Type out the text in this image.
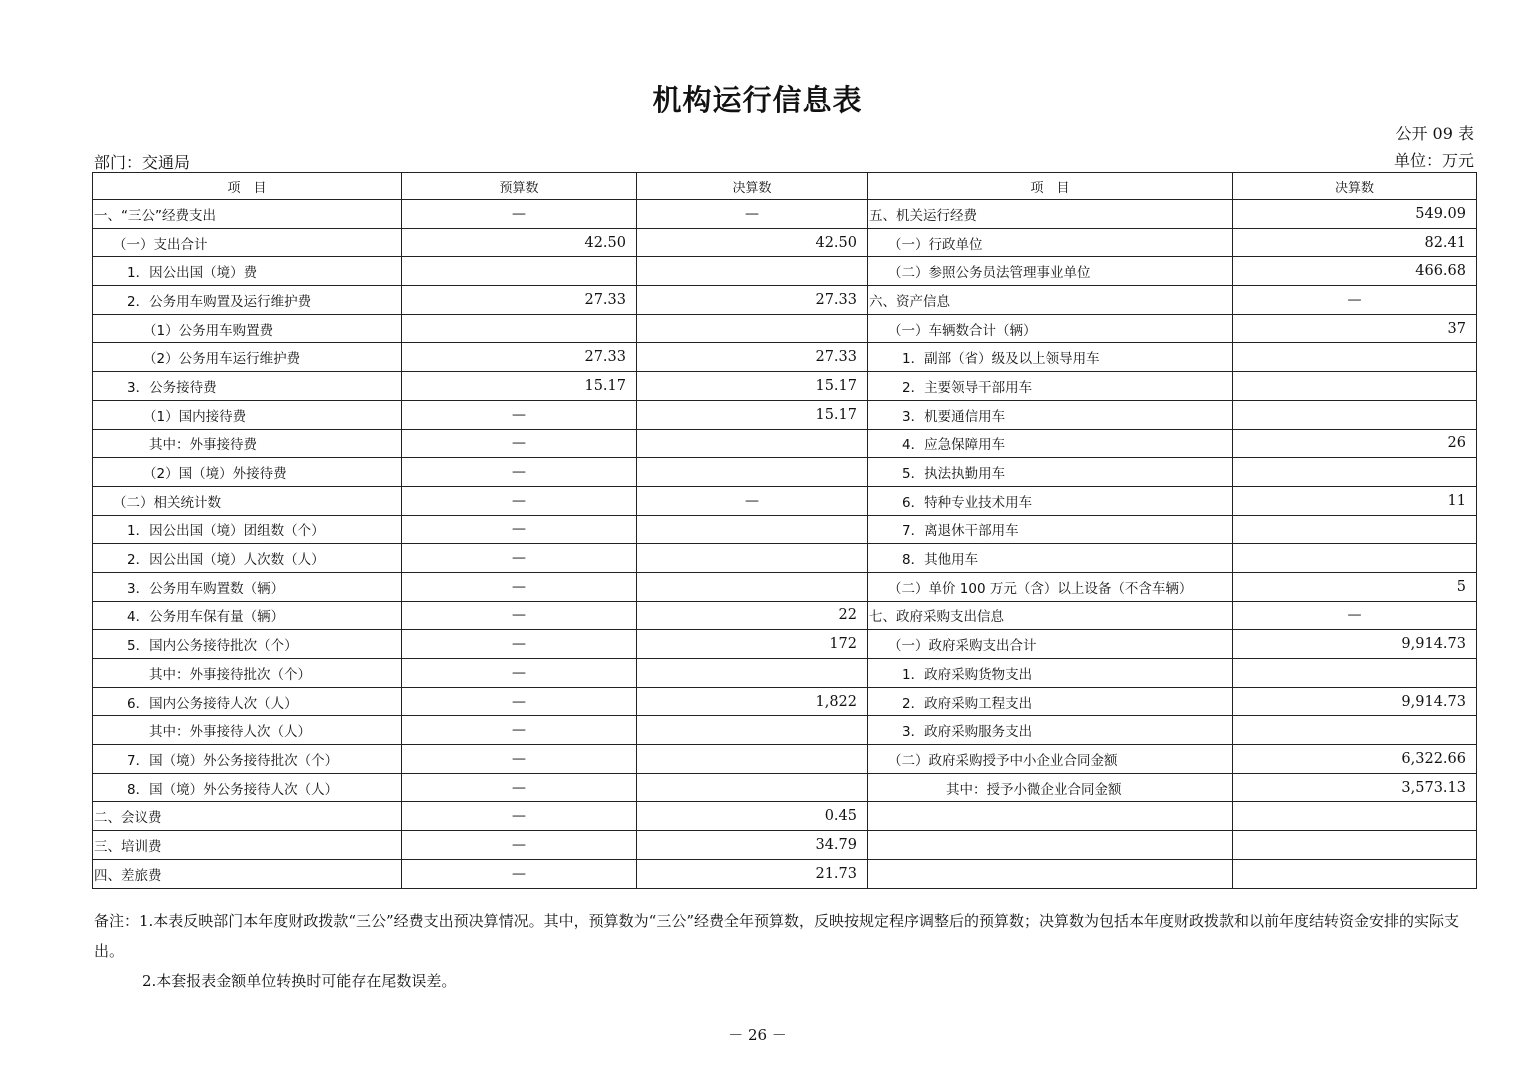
机构运行信息表
公开 09 表
部门：交通局	单位：万元
项　目	预算数	决算数	项　目	决算数
一、“三公”经费支出	—	—	五、机关运行经费	549.09
（一）支出合计	42.50	42.50	（一）行政单位	82.41
1．因公出国（境）费			（二）参照公务员法管理事业单位	466.68
2．公务用车购置及运行维护费	27.33	27.33	六、资产信息	—
（1）公务用车购置费			（一）车辆数合计（辆）	37
（2）公务用车运行维护费	27.33	27.33	1．副部（省）级及以上领导用车	
3．公务接待费	15.17	15.17	2．主要领导干部用车	
（1）国内接待费	—	15.17	3．机要通信用车	
其中：外事接待费	—		4．应急保障用车	26
（2）国（境）外接待费	—		5．执法执勤用车	
（二）相关统计数	—	—	6．特种专业技术用车	11
1．因公出国（境）团组数（个）	—		7．离退休干部用车	
2．因公出国（境）人次数（人）	—		8．其他用车	
3．公务用车购置数（辆）	—		（二）单价 100 万元（含）以上设备（不含车辆）	5
4．公务用车保有量（辆）	—	22	七、政府采购支出信息	—
5．国内公务接待批次（个）	—	172	（一）政府采购支出合计	9,914.73
其中：外事接待批次（个）	—		1．政府采购货物支出	
6．国内公务接待人次（人）	—	1,822	2．政府采购工程支出	9,914.73
其中：外事接待人次（人）	—		3．政府采购服务支出	
7．国（境）外公务接待批次（个）	—		（二）政府采购授予中小企业合同金额	6,322.66
8．国（境）外公务接待人次（人）	—		其中：授予小微企业合同金额	3,573.13
二、会议费	—	0.45		
三、培训费	—	34.79		
四、差旅费	—	21.73		

备注：1.本表反映部门本年度财政拨款“三公”经费支出预决算情况。其中，预算数为“三公”经费全年预算数，反映按规定程序调整后的预算数；决算数为包括本年度财政拨款和以前年度结转资金安排的实际支出。

2.本套报表金额单位转换时可能存在尾数误差。

－ 26 －
